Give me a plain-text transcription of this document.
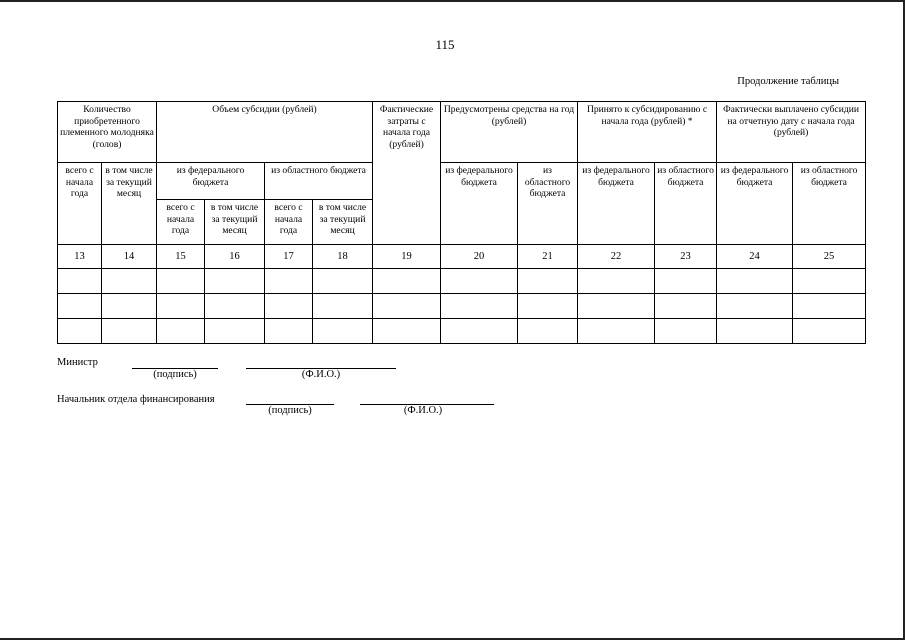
115
Продолжение таблицы
Количество приобретенного племенного молодняка (голов)		Объем субсидии (рублей)				Фактические затраты с начала года (рублей)	Предусмотрены средства на год (рублей)		Принято к субсидированию с начала года (рублей) *		Фактически выплачено субсидии на отчетную дату с начала года (рублей)	
всего с начала года	в том числе за текущий месяц	из федерального бюджета		из областного бюджета			из федерального бюджета	из областного бюджета	из федерального бюджета	из областного бюджета	из федерального бюджета	из областного бюджета
		всего с начала года	в том числе за текущий месяц	всего с начала года	в том числе за текущий месяц							
13	14	15	16	17	18	19	20	21	22	23	24	25

Министр
(подпись)	(Ф.И.О.)
Начальник отдела финансирования
(подпись)	(Ф.И.О.)
